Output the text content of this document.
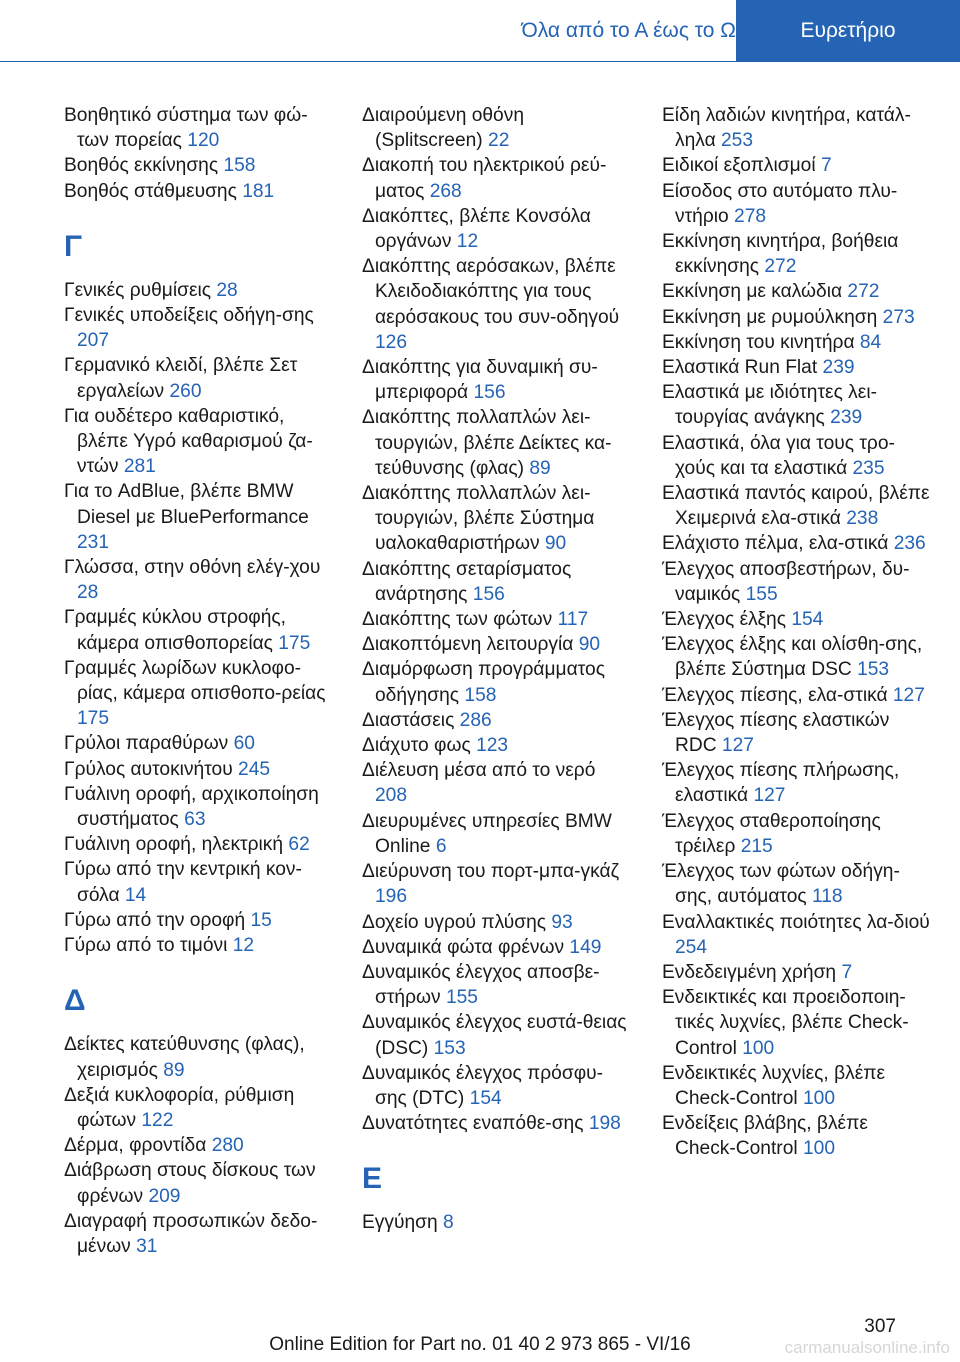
Όλα από το Α έως το Ω	Ευρετήριο

Βοηθητικό σύστημα των φώ‐των πορείας 120

Βοηθός εκκίνησης 158

Βοηθός στάθμευσης 181

Γ

Γενικές ρυθμίσεις 28

Γενικές υποδείξεις οδήγη‐σης 207

Γερμανικό κλειδί, βλέπε Σετ εργαλείων 260

Για ουδέτερο καθαριστικό, βλέπε Υγρό καθαρισμού ζα‐ντών 281

Για το AdBlue, βλέπε BMW Diesel με BluePerformance 231

Γλώσσα, στην οθόνη ελέγ‐χου 28

Γραμμές κύκλου στροφής, κάμερα οπισθοπορείας 175

Γραμμές λωρίδων κυκλοφο‐ρίας, κάμερα οπισθοπο‐ρείας 175

Γρύλοι παραθύρων 60

Γρύλος αυτοκινήτου 245

Γυάλινη οροφή, αρχικοποίηση συστήματος 63

Γυάλινη οροφή, ηλεκτρική 62

Γύρω από την κεντρική κον‐σόλα 14

Γύρω από την οροφή 15

Γύρω από το τιμόνι 12

Δ

Δείκτες κατεύθυνσης (φλας), χειρισμός 89

Δεξιά κυκλοφορία, ρύθμιση φώτων 122

Δέρμα, φροντίδα 280

Διάβρωση στους δίσκους των φρένων 209

Διαγραφή προσωπικών δεδο‐μένων 31

Διαιρούμενη οθόνη (Splitscreen) 22

Διακοπή του ηλεκτρικού ρεύ‐ματος 268

Διακόπτες, βλέπε Κονσόλα οργάνων 12

Διακόπτης αερόσακων, βλέπε Κλειδοδιακόπτης για τους αερόσακους του συν‐οδηγού 126

Διακόπτης για δυναμική συ‐μπεριφορά 156

Διακόπτης πολλαπλών λει‐τουργιών, βλέπε Δείκτες κα‐τεύθυνσης (φλας) 89

Διακόπτης πολλαπλών λει‐τουργιών, βλέπε Σύστημα υαλοκαθαριστήρων 90

Διακόπτης σεταρίσματος ανάρτησης 156

Διακόπτης των φώτων 117

Διακοπτόμενη λειτουργία 90

Διαμόρφωση προγράμματος οδήγησης 158

Διαστάσεις 286

Διάχυτο φως 123

Διέλευση μέσα από το νερό 208

Διευρυμένες υπηρεσίες BMW Online 6

Διεύρυνση του πορτ-μπα‐γκάζ 196

Δοχείο υγρού πλύσης 93

Δυναμικά φώτα φρένων 149

Δυναμικός έλεγχος αποσβε‐στήρων 155

Δυναμικός έλεγχος ευστά‐θειας (DSC) 153

Δυναμικός έλεγχος πρόσφυ‐σης (DTC) 154

Δυνατότητες εναπόθε‐σης 198

Ε

Εγγύηση 8

Είδη λαδιών κινητήρα, κατάλ‐ληλα 253

Ειδικοί εξοπλισμοί 7

Είσοδος στο αυτόματο πλυ‐ντήριο 278

Εκκίνηση κινητήρα, βοήθεια εκκίνησης 272

Εκκίνηση με καλώδια 272

Εκκίνηση με ρυμούλκηση 273

Εκκίνηση του κινητήρα 84

Ελαστικά Run Flat 239

Ελαστικά με ιδιότητες λει‐τουργίας ανάγκης 239

Ελαστικά, όλα για τους τρο‐χούς και τα ελαστικά 235

Ελαστικά παντός καιρού, βλέπε Χειμερινά ελα‐στικά 238

Ελάχιστο πέλμα, ελα‐στικά 236

Έλεγχος αποσβεστήρων, δυ‐ναμικός 155

Έλεγχος έλξης 154

Έλεγχος έλξης και ολίσθη‐σης, βλέπε Σύστημα DSC 153

Έλεγχος πίεσης, ελα‐στικά 127

Έλεγχος πίεσης ελαστικών RDC 127

Έλεγχος πίεσης πλήρωσης, ελαστικά 127

Έλεγχος σταθεροποίησης τρέιλερ 215

Έλεγχος των φώτων οδήγη‐σης, αυτόματος 118

Εναλλακτικές ποιότητες λα‐διού 254

Ενδεδειγμένη χρήση 7

Ενδεικτικές και προειδοποιη‐τικές λυχνίες, βλέπε Check-Control 100

Ενδεικτικές λυχνίες, βλέπε Check-Control 100

Ενδείξεις βλάβης, βλέπε Check-Control 100

307
Online Edition for Part no. 01 40 2 973 865 - VI/16	carmanualsonline.info
